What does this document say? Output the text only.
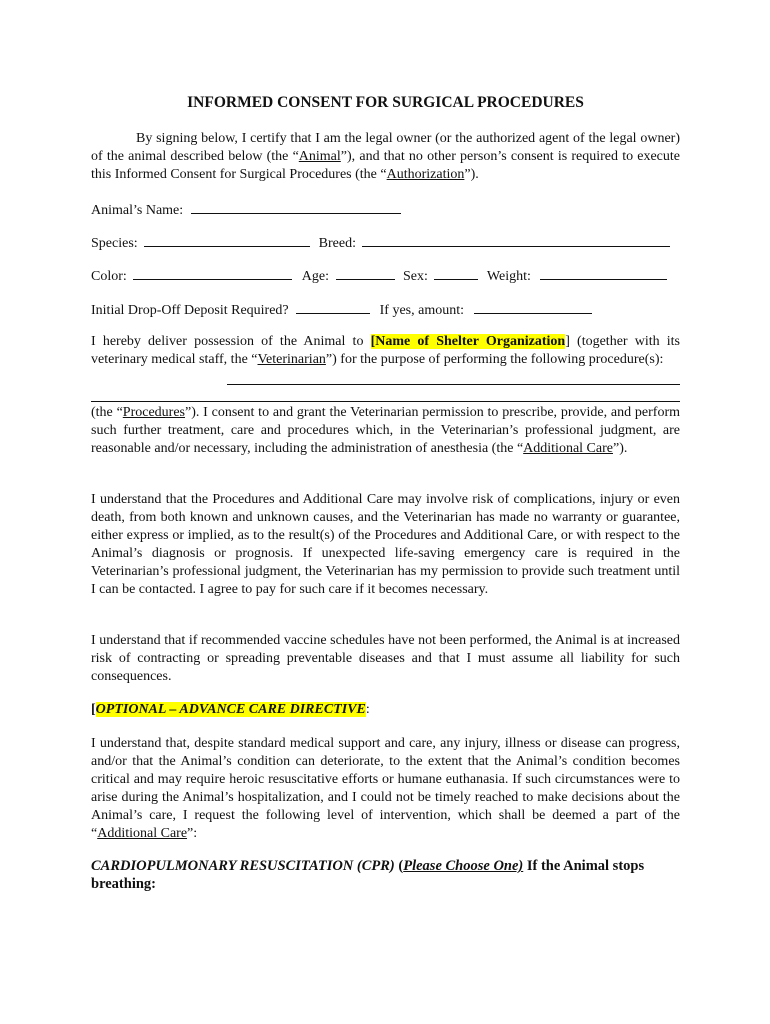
INFORMED CONSENT FOR SURGICAL PROCEDURES
By signing below, I certify that I am the legal owner (or the authorized agent of the legal owner) of the animal described below (the “Animal”), and that no other person’s consent is required to execute this Informed Consent for Surgical Procedures (the “Authorization”).
Animal’s Name:
Species:	Breed:
Color:	Age:	Sex:	Weight:
Initial Drop-Off Deposit Required?	If yes, amount:
I hereby deliver possession of the Animal to [Name of Shelter Organization] (together with its veterinary medical staff, the “Veterinarian”) for the purpose of performing the following procedure(s):
(the “Procedures”). I consent to and grant the Veterinarian permission to prescribe, provide, and perform such further treatment, care and procedures which, in the Veterinarian’s professional judgment, are reasonable and/or necessary, including the administration of anesthesia (the “Additional Care”).
I understand that the Procedures and Additional Care may involve risk of complications, injury or even death, from both known and unknown causes, and the Veterinarian has made no warranty or guarantee, either express or implied, as to the result(s) of the Procedures and Additional Care, or with respect to the Animal’s diagnosis or prognosis. If unexpected life-saving emergency care is required in the Veterinarian’s professional judgment, the Veterinarian has my permission to provide such treatment until I can be contacted. I agree to pay for such care if it becomes necessary.
I understand that if recommended vaccine schedules have not been performed, the Animal is at increased risk of contracting or spreading preventable diseases and that I must assume all liability for such consequences.
[OPTIONAL – ADVANCE CARE DIRECTIVE:
I understand that, despite standard medical support and care, any injury, illness or disease can progress, and/or that the Animal’s condition can deteriorate, to the extent that the Animal’s condition becomes critical and may require heroic resuscitative efforts or humane euthanasia. If such circumstances were to arise during the Animal’s hospitalization, and I could not be timely reached to make decisions about the Animal’s care, I request the following level of intervention, which shall be deemed a part of the “Additional Care”:
CARDIOPULMONARY RESUSCITATION (CPR) (Please Choose One) If the Animal stops breathing:
